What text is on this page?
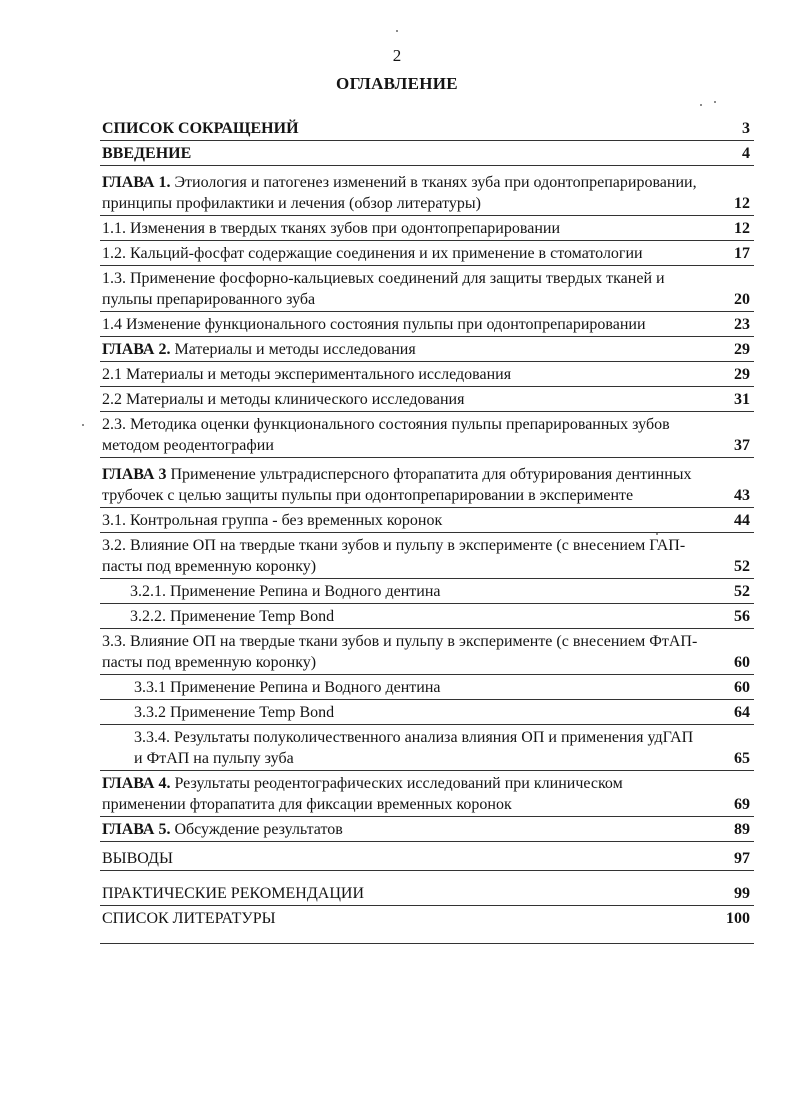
2
ОГЛАВЛЕНИЕ
СПИСОК СОКРАЩЕНИЙ	3
ВВЕДЕНИЕ	4
ГЛАВА 1. Этиология и патогенез изменений в тканях зуба при одонтопрепарировании, принципы профилактики и лечения (обзор литературы)	12
1.1. Изменения в твердых тканях зубов при одонтопрепарировании	12
1.2. Кальций-фосфат содержащие соединения и их применение в стоматологии	17
1.3. Применение фосфорно-кальциевых соединений для защиты твердых тканей и пульпы препарированного зуба	20
1.4 Изменение функционального состояния пульпы при одонтопрепарировании	23
ГЛАВА 2. Материалы и методы исследования	29
2.1 Материалы и методы экспериментального исследования	29
2.2 Материалы и методы клинического исследования	31
2.3. Методика оценки функционального состояния пульпы препарированных зубов методом реодентографии	37
ГЛАВА 3 Применение ультрадисперсного фторапатита для обтурирования дентинных трубочек с целью защиты пульпы при одонтопрепарировании в эксперименте	43
3.1. Контрольная группа - без временных коронок	44
3.2. Влияние ОП на твердые ткани зубов и пульпу в эксперименте (с внесением ГАП-пасты под временную коронку)	52
3.2.1. Применение Репина и Водного дентина	52
3.2.2. Применение Temp Bond	56
3.3. Влияние ОП на твердые ткани зубов и пульпу в эксперименте (с внесением ФтАП-пасты под временную коронку)	60
3.3.1 Применение Репина и Водного дентина	60
3.3.2 Применение Temp Bond	64
3.3.4. Результаты полуколичественного анализа влияния ОП и применения удГАП и ФтАП на пульпу зуба	65
ГЛАВА 4. Результаты реодентографических исследований при клиническом применении фторапатита для фиксации временных коронок	69
ГЛАВА 5. Обсуждение результатов	89
ВЫВОДЫ	97
ПРАКТИЧЕСКИЕ РЕКОМЕНДАЦИИ	99
СПИСОК ЛИТЕРАТУРЫ	100
